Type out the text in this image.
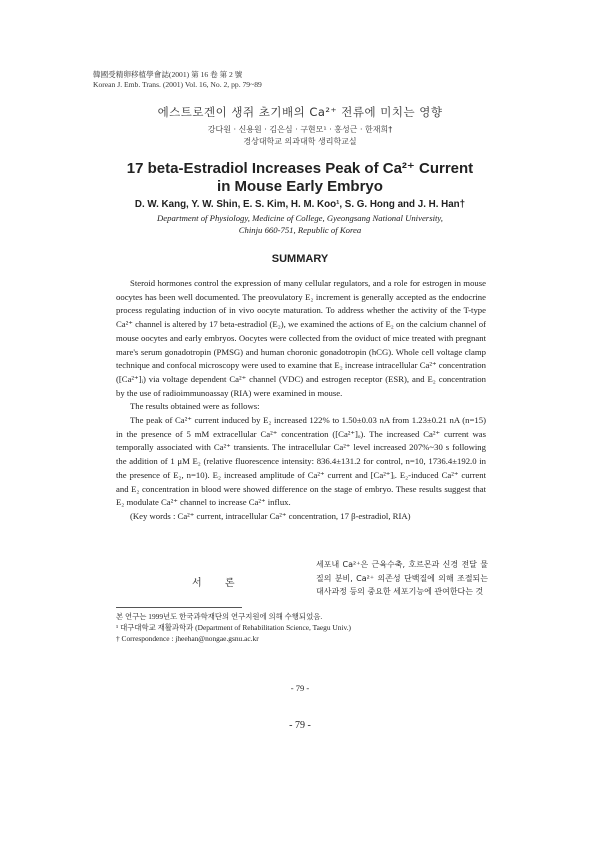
韓國受精卵移植學會誌(2001) 第 16 卷 第 2 號
Korean J. Emb. Trans. (2001) Vol. 16, No. 2, pp. 79~89
에스트로겐이 생쥐 초기배의 Ca²⁺ 전류에 미치는 영향
강다원 · 신용원 · 김은심 · 구현모¹ · 홍성근 · 한재희†
경상대학교 의과대학 생리학교실
17 beta-Estradiol Increases Peak of Ca²⁺ Current
in Mouse Early Embryo
D. W. Kang, Y. W. Shin, E. S. Kim, H. M. Koo¹, S. G. Hong and J. H. Han†
Department of Physiology, Medicine of College, Gyeongsang National University,
Chinju 660-751, Republic of Korea
SUMMARY

Steroid hormones control the expression of many cellular regulators, and a role for estrogen in mouse oocytes has been well documented. The preovulatory E₂ increment is generally accepted as the endocrine process regulating induction of in vivo oocyte maturation. To address whether the activity of the T-type Ca²⁺ channel is altered by 17 beta-estradiol (E₂), we examined the actions of E₂ on the calcium channel of mouse oocytes and early embryos. Oocytes were collected from the oviduct of mice treated with pregnant mare's serum gonadotropin (PMSG) and human choronic gonadotropin (hCG). Whole cell voltage clamp technique and confocal microscopy were used to examine that E₂ increase intracellular Ca²⁺ concentration ([Ca²⁺]ᵢ) via voltage dependent Ca²⁺ channel (VDC) and estrogen receptor (ESR), and E₂ concentration by the use of radioimmunoassay (RIA) were examined in mouse.

The results obtained were as follows:

The peak of Ca²⁺ current induced by E₂ increased 122% to 1.50±0.03 nA from 1.23±0.21 nA (n=15) in the presence of 5 mM extracellular Ca²⁺ concentration ([Ca²⁺]ₒ). The increased Ca²⁺ current was temporally associated with Ca²⁺ transients. The intracellular Ca²⁺ level increased 207%~30 s following the addition of 1 μM E₂ (relative fluorescence intensity: 836.4±131.2 for control, n=10, 1736.4±192.0 in the presence of E₂, n=10). E₂ increased amplitude of Ca²⁺ current and [Ca²⁺]ᵢ. E₂-induced Ca²⁺ current and E₂ concentration in blood were showed difference on the stage of embryo. These results suggest that E₂ modulate Ca²⁺ channel to increase Ca²⁺ influx.

(Key words : Ca²⁺ current, intracellular Ca²⁺ concentration, 17 β-estradiol, RIA)

서 론
세포내 Ca²⁺은 근육수축, 호르몬과 신경 전달 물질의 분비, Ca²⁺ 의존성 단백질에 의해 조절되는 대사과정 등의 중요한 세포기능에 관여한다는 것
본 연구는 1999년도 한국과학재단의 연구지원에 의해 수행되었음.
¹ 대구대학교 재활과학과 (Department of Rehabilitation Science, Taegu Univ.)
† Correspondence : jheehan@nongae.gsnu.ac.kr
- 79 -
- 79 -
